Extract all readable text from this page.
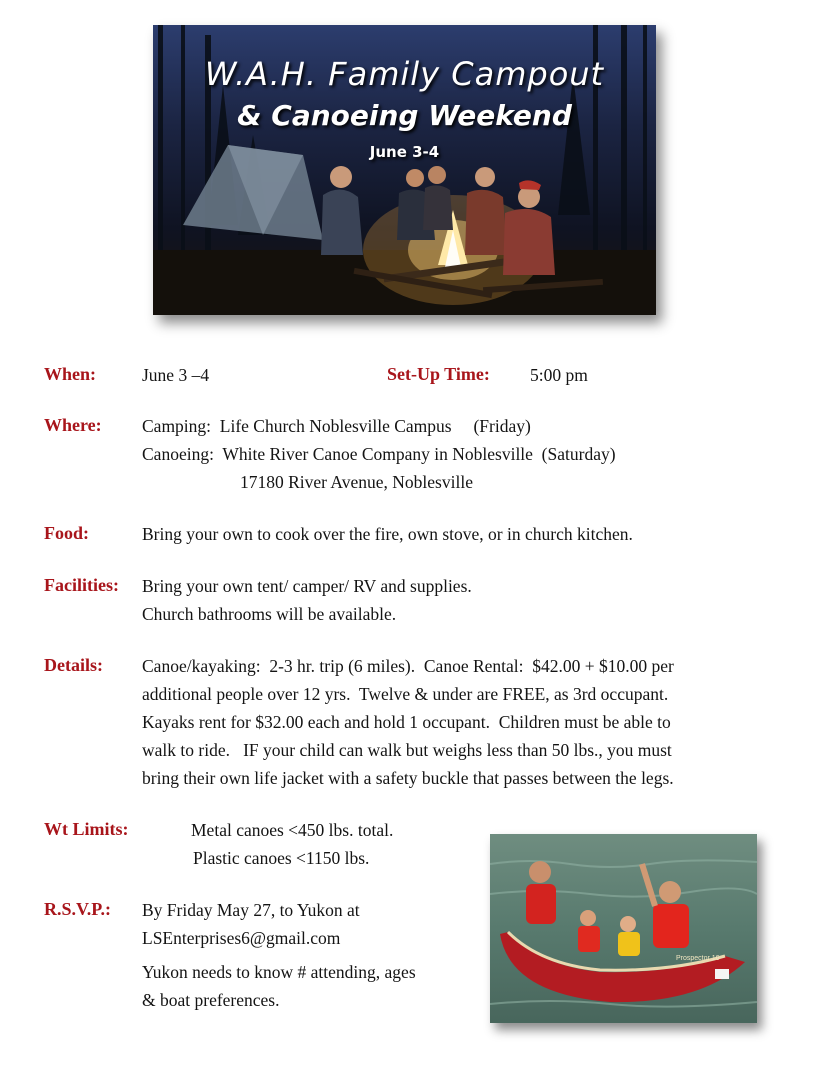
W.A.H. Family Campout

& Canoeing Weekend

June 3-4

When:	June 3 –4	Set-Up Time: 5:00 pm
Where: Camping:  Life Church Noblesville Campus     (Friday)
Canoeing:  White River Canoe Company in Noblesville  (Saturday)
17180 River Avenue, Noblesville
Food:	Bring your own to cook over the fire, own stove, or in church kitchen.
Facilities: Bring your own tent/ camper/ RV and supplies.
Church bathrooms will be available.
Details: Canoe/kayaking:  2-3 hr. trip (6 miles).  Canoe Rental:  $42.00 + $10.00 per
additional people over 12 yrs.  Twelve & under are FREE, as 3rd occupant.
Kayaks rent for $32.00 each and hold 1 occupant.  Children must be able to
walk to ride.   IF your child can walk but weighs less than 50 lbs., you must
bring their own life jacket with a safety buckle that passes between the legs.
Wt Limits:	Metal canoes <450 lbs. total.
Plastic canoes <1150 lbs.
R.S.V.P.: By Friday May 27, to Yukon at
LSEnterprises6@gmail.com
Yukon needs to know # attending, ages
& boat preferences.
Prospector 16
